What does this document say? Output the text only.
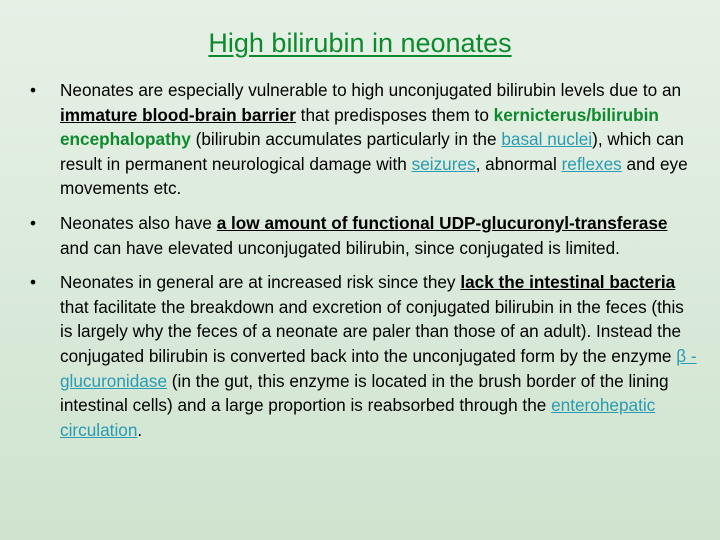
High bilirubin in neonates
• Neonates are especially vulnerable to high unconjugated bilirubin levels due to an immature blood-brain barrier that predisposes them to kernicterus/bilirubin encephalopathy (bilirubin accumulates particularly in the basal nuclei), which can result in permanent neurological damage with seizures, abnormal reflexes and eye movements etc.
• Neonates also have a low amount of functional UDP-glucuronyl-transferase and can have elevated unconjugated bilirubin, since conjugated is limited.
• Neonates in general are at increased risk since they lack the intestinal bacteria that facilitate the breakdown and excretion of conjugated bilirubin in the feces (this is largely why the feces of a neonate are paler than those of an adult). Instead the conjugated bilirubin is converted back into the unconjugated form by the enzyme β -glucuronidase (in the gut, this enzyme is located in the brush border of the lining intestinal cells) and a large proportion is reabsorbed through the enterohepatic circulation.
